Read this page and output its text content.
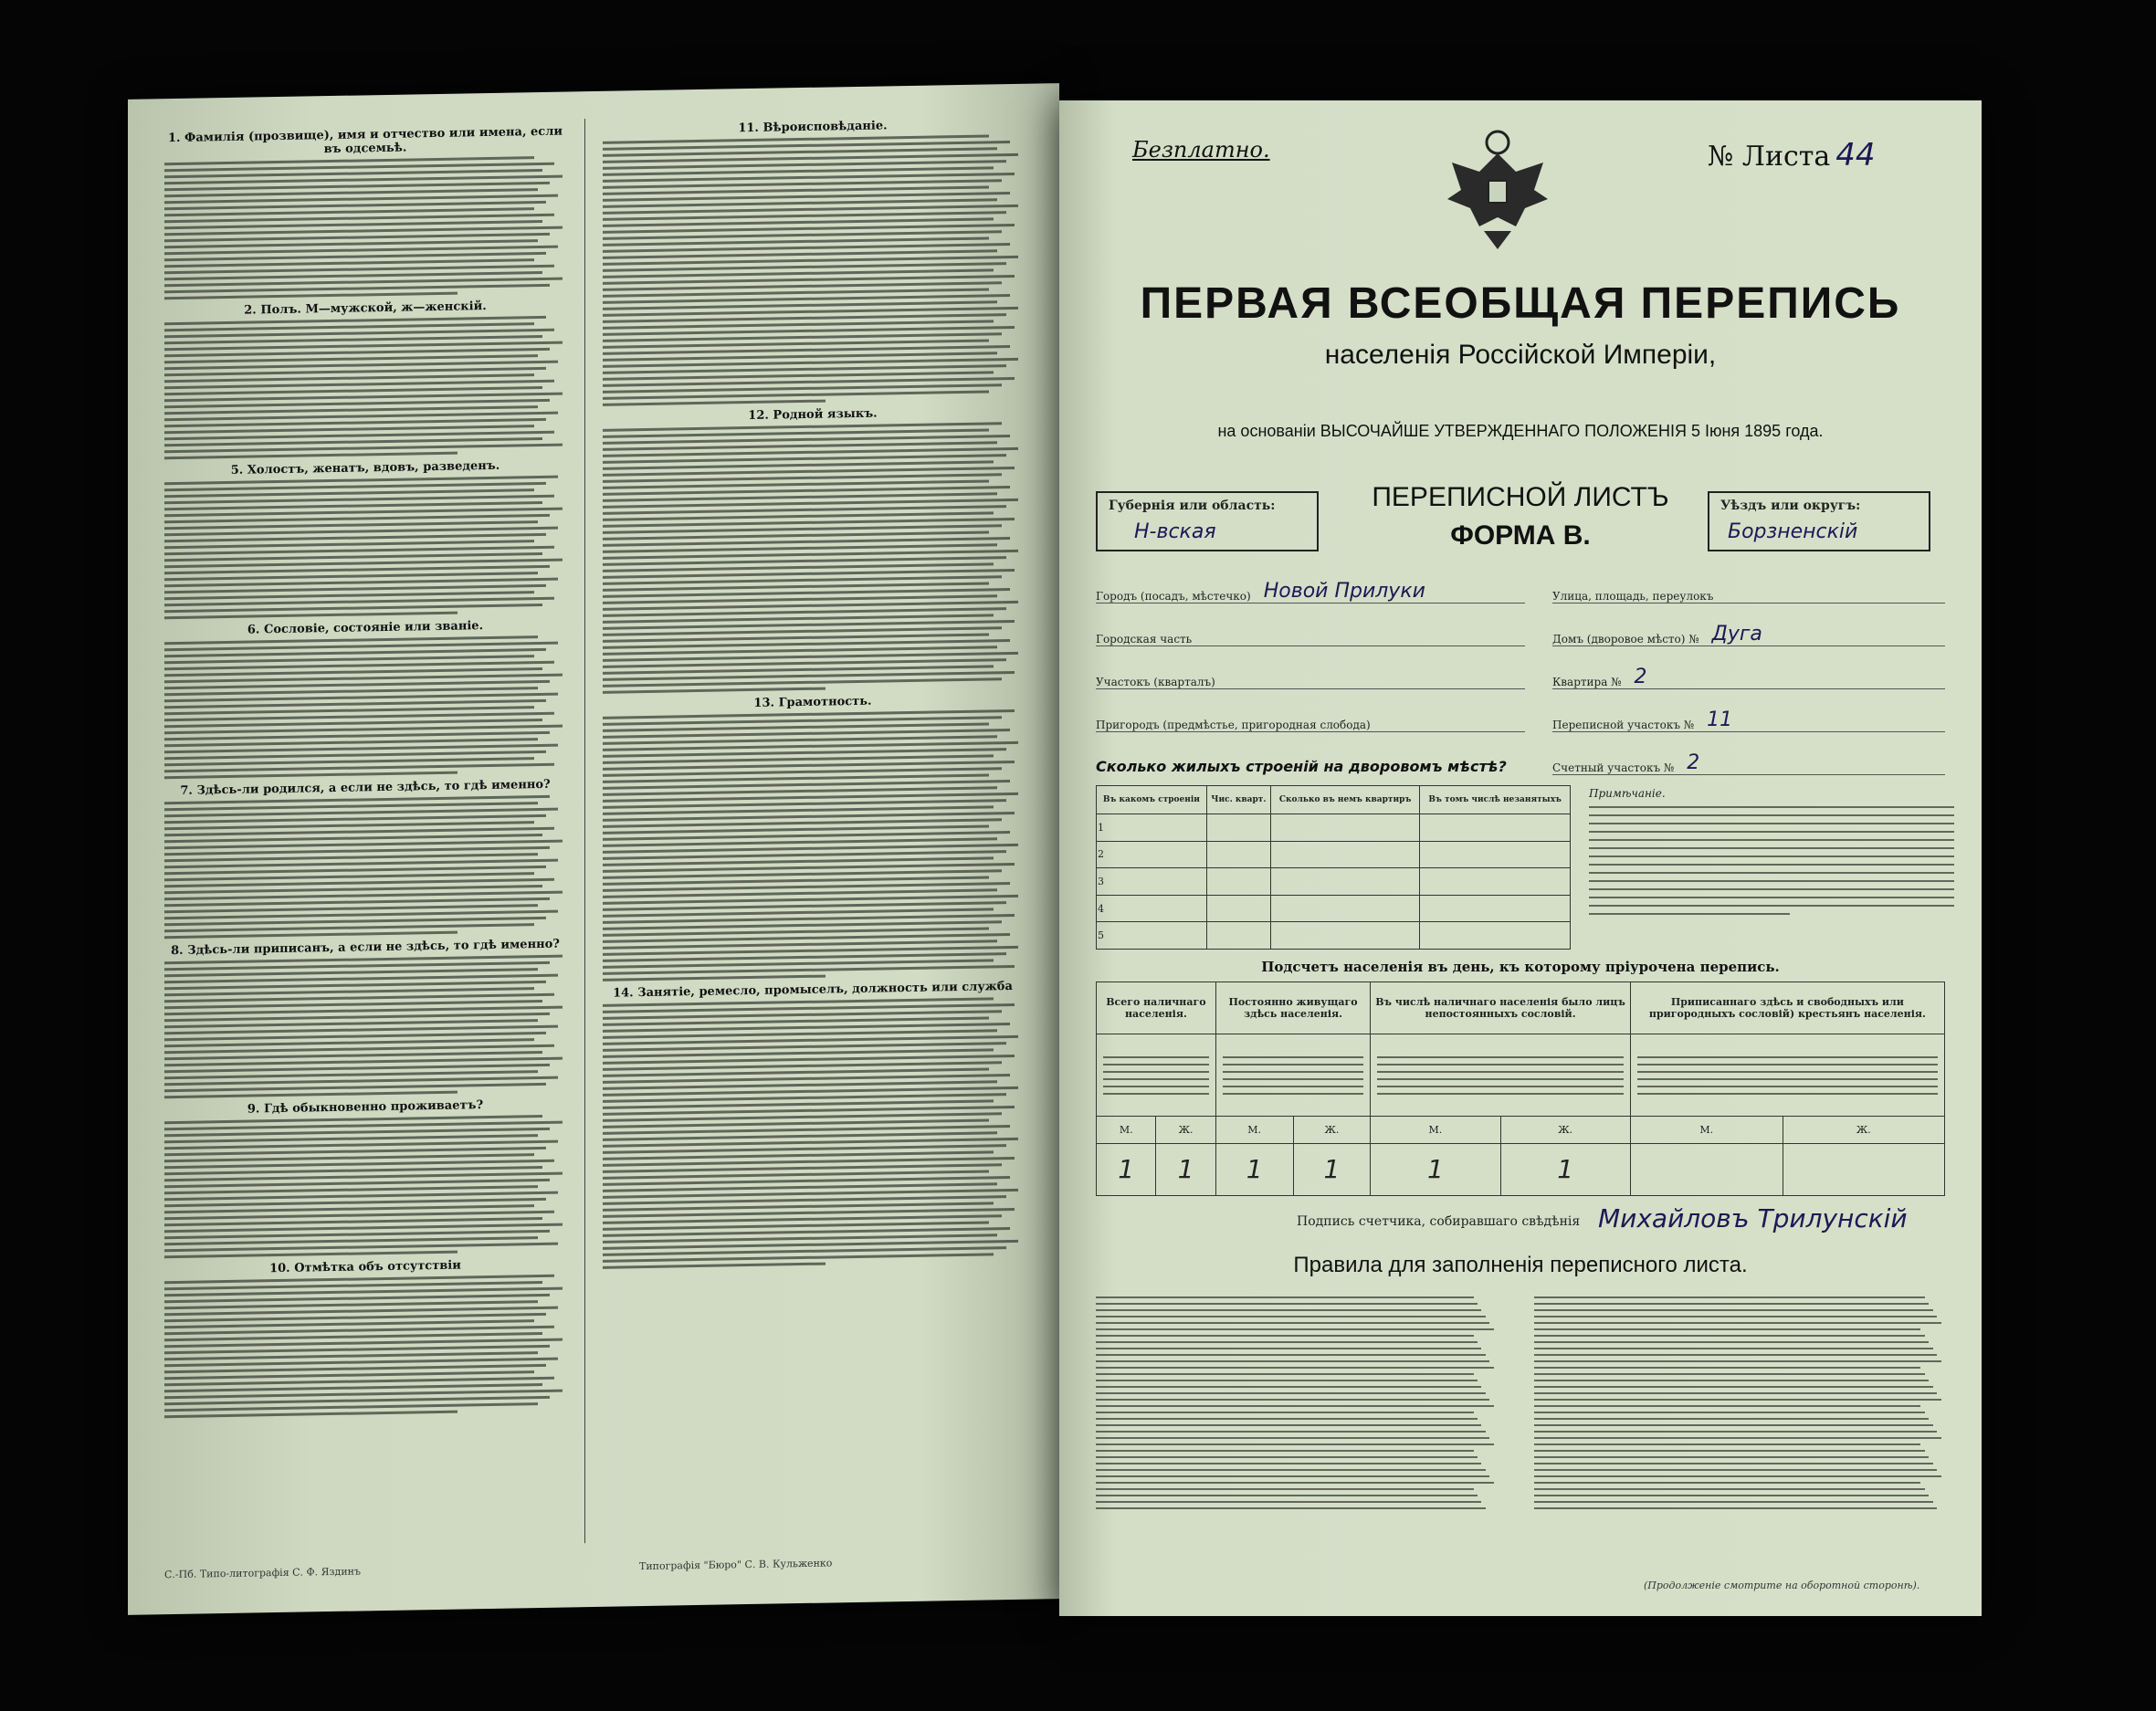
1. Фамилія (прозвище), имя и отчество или имена, если въ одсемьѣ.
2. Полъ. М—мужской, ж—женскій.
5. Холостъ, женатъ, вдовъ, разведенъ.
6. Сословіе, состояніе или званіе.
7. Здѣсь-ли родился, а если не здѣсь, то гдѣ именно?
8. Здѣсь-ли приписанъ, а если не здѣсь, то гдѣ именно?
9. Гдѣ обыкновенно проживаетъ?
10. Отмѣтка объ отсутствіи
11. Вѣроисповѣданіе.
12. Родной языкъ.
13. Грамотность.
14. Занятіе, ремесло, промыселъ, должность или служба
С.-Пб. Типо-литографія С. Ф. Яздинъ
Типографія "Бюро" С. В. Кульженко
Безплатно.	№ Листа 44
ПЕРВАЯ ВСЕОБЩАЯ ПЕРЕПИСЬ
населенія Россійской Имперіи,
на основаніи ВЫСОЧАЙШЕ УТВЕРЖДЕННАГО ПОЛОЖЕНІЯ 5 Іюня 1895 года.
Губернія или область:
Н-вская
ПЕРЕПИСНОЙ ЛИСТЪ
ФОРМА В.
Уѣздъ или округъ:
Борзненскій
Городъ (посадъ, мѣстечко) Новой Прилуки
Городская часть
Участокъ (кварталъ)
Пригородъ (предмѣстье, пригородная слобода)
Улица, площадь, переулокъ
Домъ (дворовое мѣсто) № Дуга
Квартира № 2
Переписной участокъ № 11
Счетный участокъ № 2
Сколько жилыхъ строеній на дворовомъ мѣстѣ?
Въ какомъ строеніи	Чис. кварт.	Сколько въ немъ квартиръ	Въ томъ числѣ незанятыхъ
1			
2			
3			
4			
5			
Примѣчаніе.
Подсчетъ населенія въ день, къ которому пріурочена перепись.
Всего наличнаго населенія.		Постоянно живущаго здѣсь населенія.		Въ числѣ наличнаго населенія было лицъ непостоянныхъ сословій.		Приписаннаго здѣсь и свободныхъ или пригородныхъ сословій) крестьянъ населенія.	

М.	Ж.	М.	Ж.	М.	Ж.	М.	Ж.
1	1	1	1	1	1		
Подпись счетчика, собиравшаго свѣдѣнія Михайловъ Трилунскій
Правила для заполненія переписного листа.
(Продолженіе смотрите на оборотной сторонѣ).
